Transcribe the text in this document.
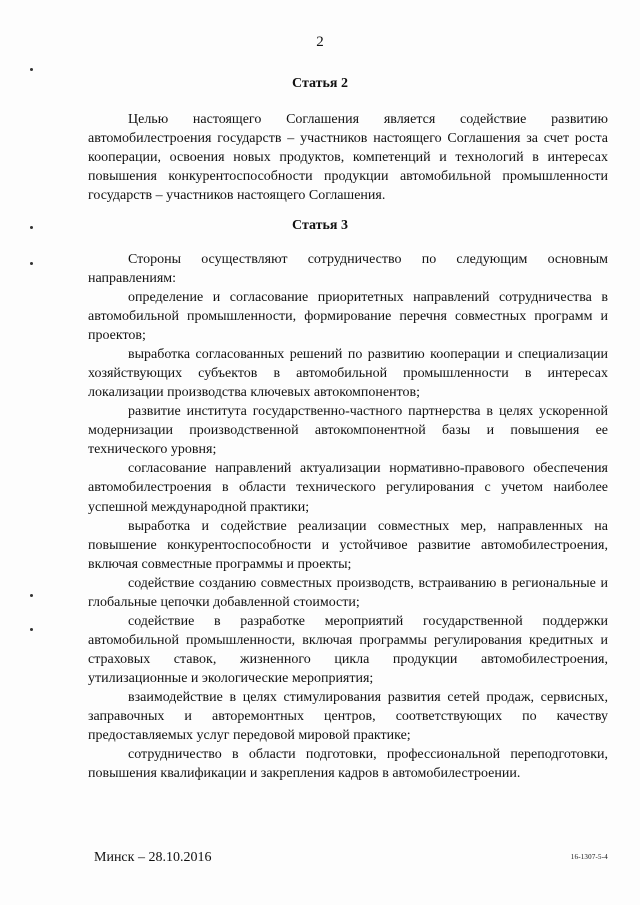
2
Статья 2

Целью настоящего Соглашения является содействие развитию автомобилестроения государств – участников настоящего Соглашения за счет роста кооперации, освоения новых продуктов, компетенций и технологий в интересах повышения конкурентоспособности продукции автомобильной промышленности государств – участников настоящего Соглашения.

Статья 3

Стороны осуществляют сотрудничество по следующим основным направлениям:

определение и согласование приоритетных направлений сотрудничества в автомобильной промышленности, формирование перечня совместных программ и проектов;
выработка согласованных решений по развитию кооперации и специализации хозяйствующих субъектов в автомобильной промышленности в интересах локализации производства ключевых автокомпонентов;
развитие института государственно-частного партнерства в целях ускоренной модернизации производственной автокомпонентной базы и повышения ее технического уровня;
согласование направлений актуализации нормативно-правового обеспечения автомобилестроения в области технического регулирования с учетом наиболее успешной международной практики;
выработка и содействие реализации совместных мер, направленных на повышение конкурентоспособности и устойчивое развитие автомобилестроения, включая совместные программы и проекты;
содействие созданию совместных производств, встраиванию в региональные и глобальные цепочки добавленной стоимости;
содействие в разработке мероприятий государственной поддержки автомобильной промышленности, включая программы регулирования кредитных и страховых ставок, жизненного цикла продукции автомобилестроения, утилизационные и экологические мероприятия;
взаимодействие в целях стимулирования развития сетей продаж, сервисных, заправочных и авторемонтных центров, соответствующих по качеству предоставляемых услуг передовой мировой практике;
сотрудничество в области подготовки, профессиональной переподготовки, повышения квалификации и закрепления кадров в автомобилестроении.
Минск – 28.10.2016	16-1307-5-4
